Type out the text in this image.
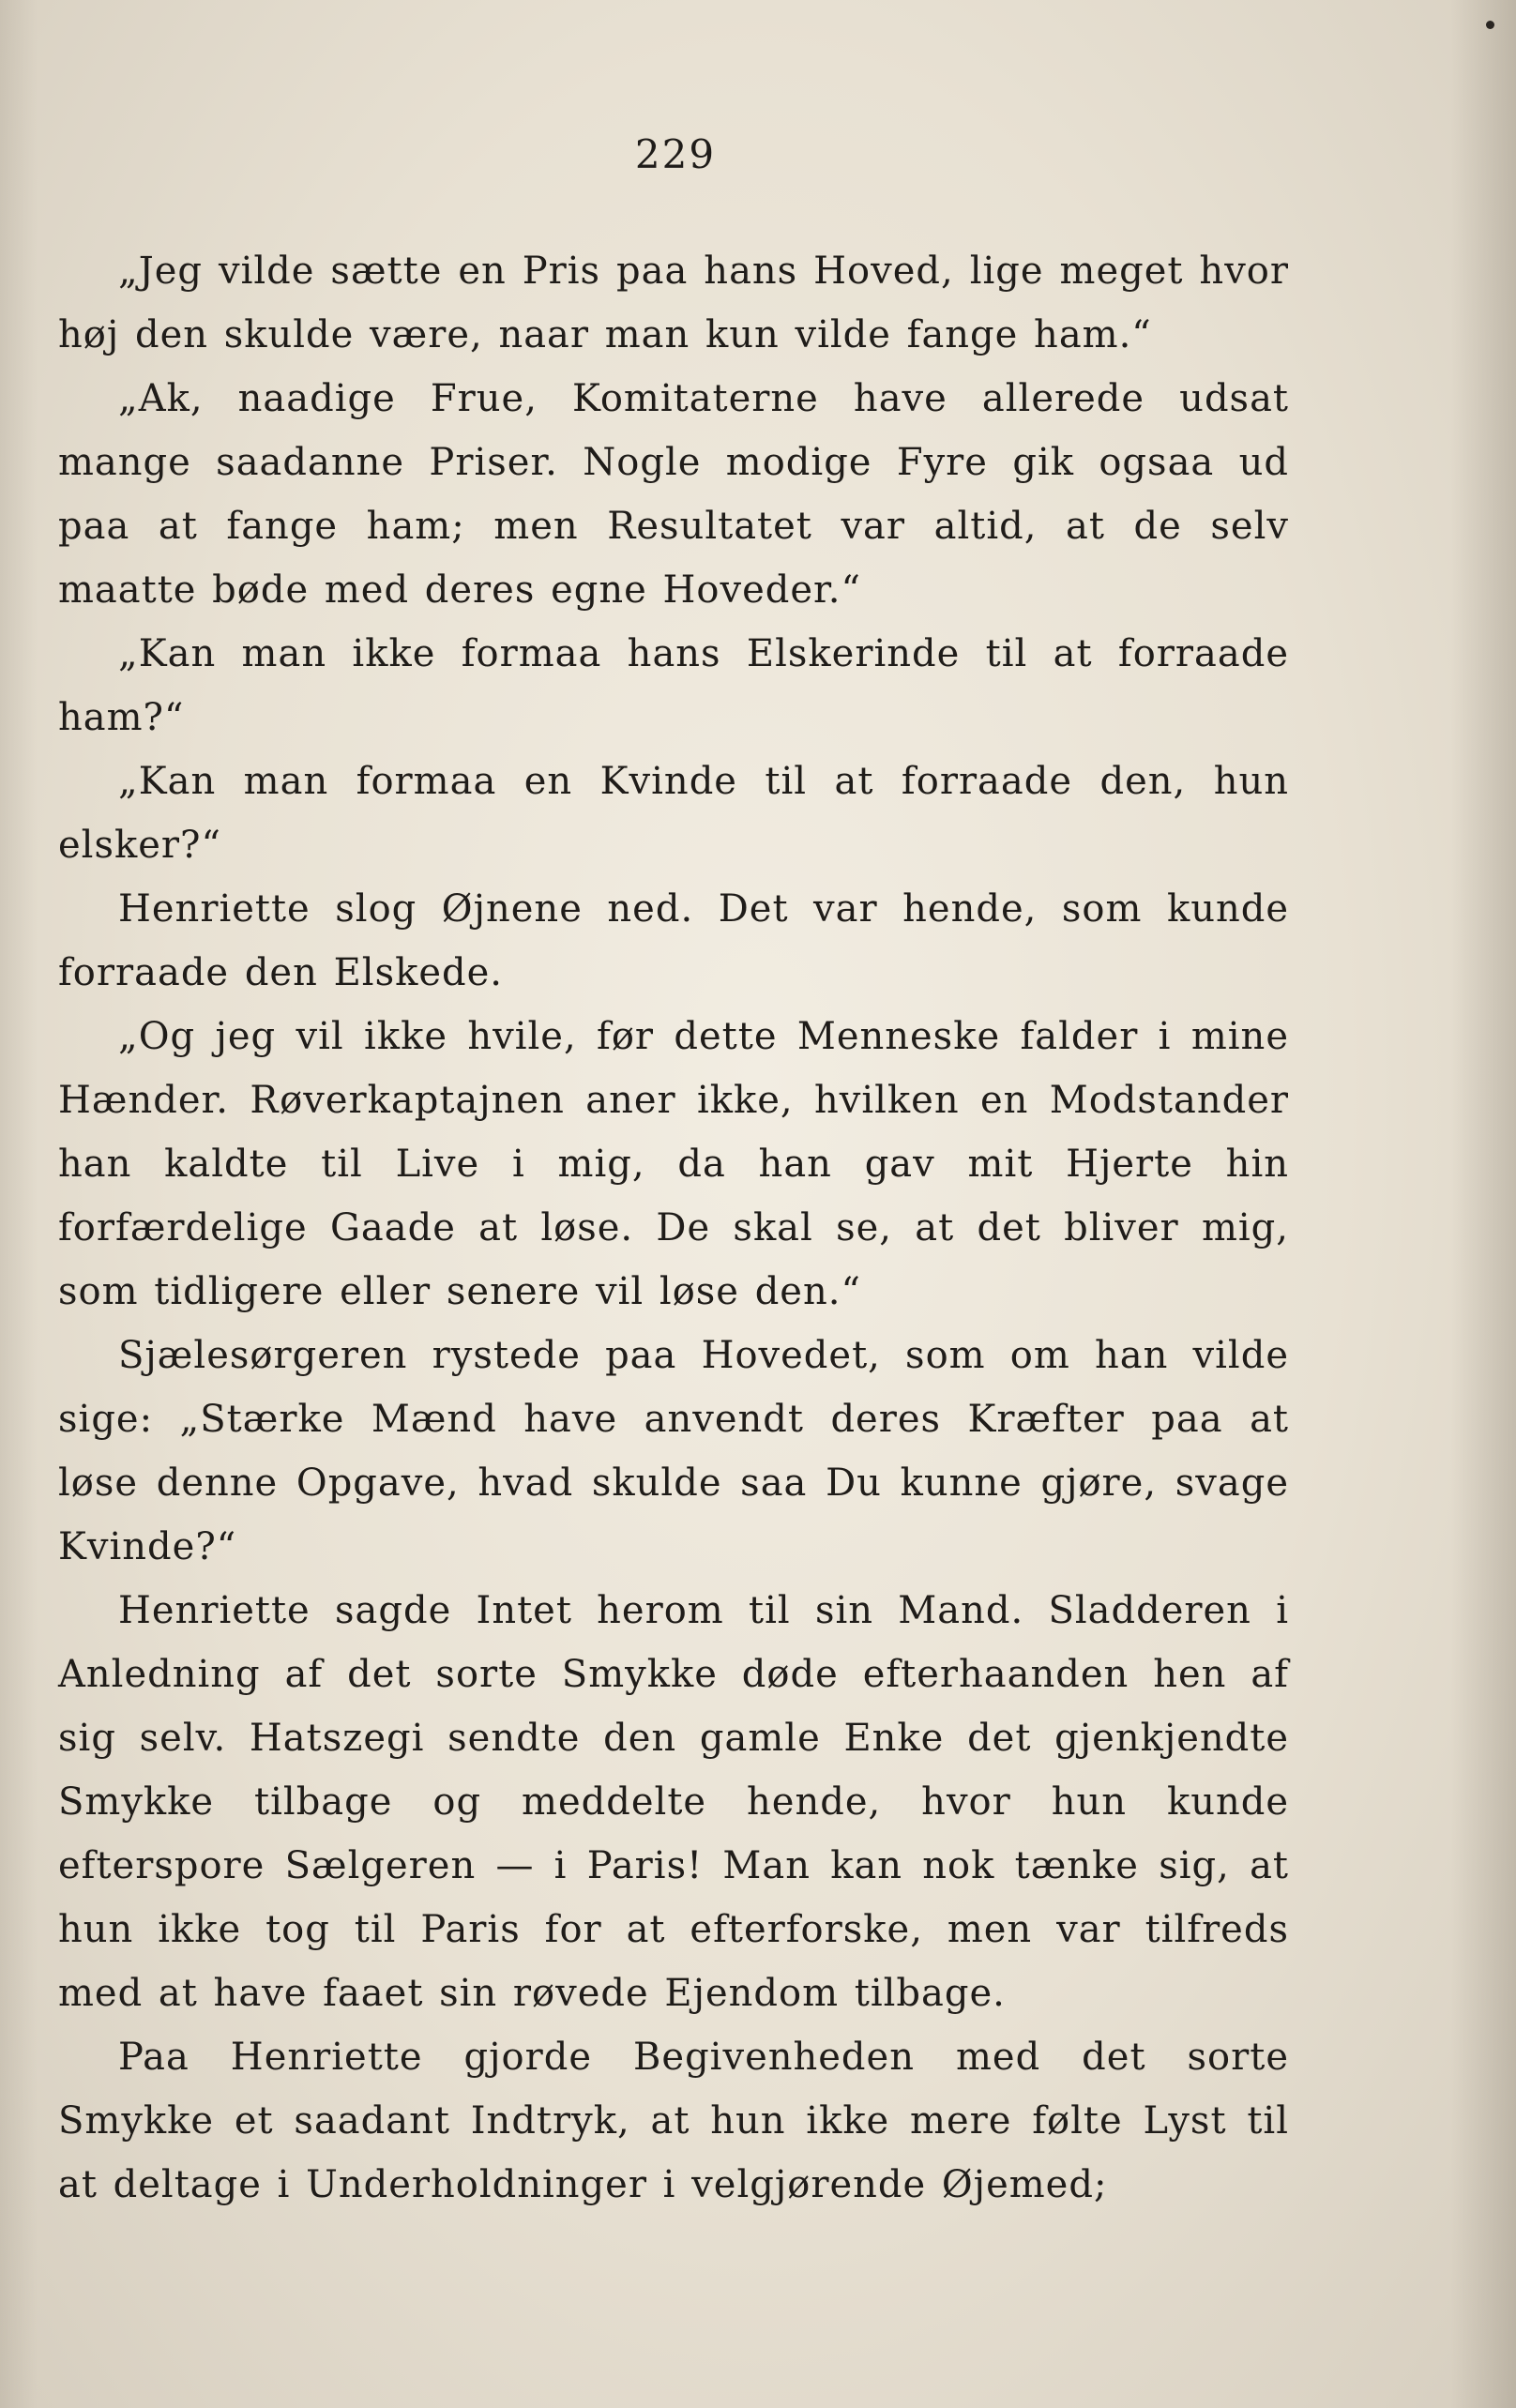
229

„Jeg vilde sætte en Pris paa hans Hoved, lige meget hvor høj den skulde være, naar man kun vilde fange ham.“

„Ak, naadige Frue, Komitaterne have allerede udsat mange saadanne Priser. Nogle modige Fyre gik ogsaa ud paa at fange ham; men Resultatet var altid, at de selv maatte bøde med deres egne Hoveder.“

„Kan man ikke formaa hans Elskerinde til at forraade ham?“

„Kan man formaa en Kvinde til at forraade den, hun elsker?“

Henriette slog Øjnene ned. Det var hende, som kunde forraade den Elskede.

„Og jeg vil ikke hvile, før dette Menneske falder i mine Hænder. Røverkaptajnen aner ikke, hvilken en Modstander han kaldte til Live i mig, da han gav mit Hjerte hin forfærdelige Gaade at løse. De skal se, at det bliver mig, som tidligere eller senere vil løse den.“

Sjælesørgeren rystede paa Hovedet, som om han vilde sige: „Stærke Mænd have anvendt deres Kræfter paa at løse denne Opgave, hvad skulde saa Du kunne gjøre, svage Kvinde?“

Henriette sagde Intet herom til sin Mand. Sladderen i Anledning af det sorte Smykke døde efterhaanden hen af sig selv. Hatszegi sendte den gamle Enke det gjenkjendte Smykke tilbage og meddelte hende, hvor hun kunde efterspore Sælgeren — i Paris! Man kan nok tænke sig, at hun ikke tog til Paris for at efterforske, men var tilfreds med at have faaet sin røvede Ejendom tilbage.

Paa Henriette gjorde Begivenheden med det sorte Smykke et saadant Indtryk, at hun ikke mere følte Lyst til at deltage i Underholdninger i velgjørende Øjemed;
